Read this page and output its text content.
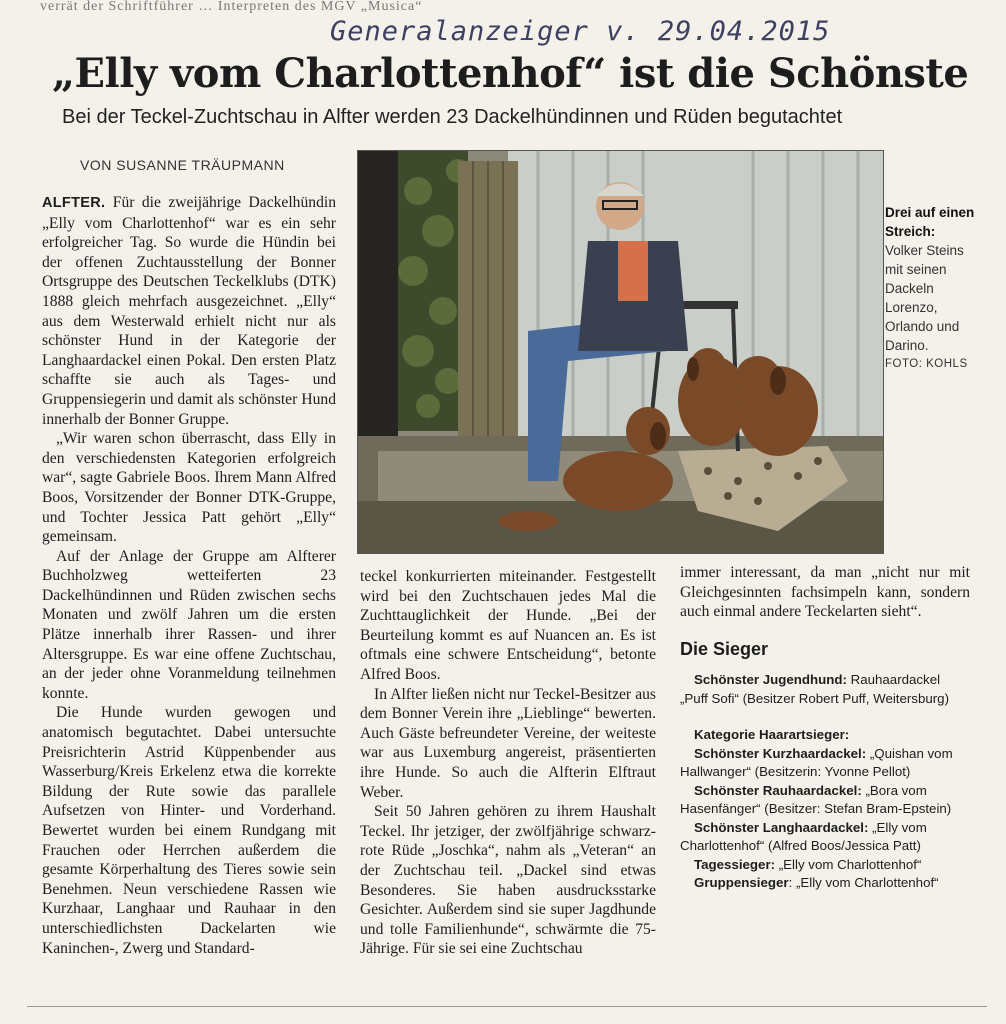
verrät der Schriftführer … Interpreten des MGV „Musica“
Generalanzeiger v. 29.04.2015
„Elly vom Charlottenhof“ ist die Schönste
Bei der Teckel-Zuchtschau in Alfter werden 23 Dackelhündinnen und Rüden begutachtet
VON SUSANNE TRÄUPMANN

ALFTER. Für die zweijährige Dackelhündin „Elly vom Charlottenhof“ war es ein sehr erfolgreicher Tag. So wurde die Hündin bei der offenen Zuchtausstellung der Bonner Ortsgruppe des Deutschen Teckelklubs (DTK) 1888 gleich mehrfach ausgezeichnet. „Elly“ aus dem Westerwald erhielt nicht nur als schönster Hund in der Kategorie der Langhaardackel einen Pokal. Den ersten Platz schaffte sie auch als Tages- und Gruppensiegerin und damit als schönster Hund innerhalb der Bonner Gruppe.

„Wir waren schon überrascht, dass Elly in den verschiedensten Kategorien erfolgreich war“, sagte Gabriele Boos. Ihrem Mann Alfred Boos, Vorsitzender der Bonner DTK-Gruppe, und Tochter Jessica Patt gehört „Elly“ gemeinsam.

Auf der Anlage der Gruppe am Alfterer Buchholzweg wetteiferten 23 Dackelhündinnen und Rüden zwischen sechs Monaten und zwölf Jahren um die ersten Plätze innerhalb ihrer Rassen- und ihrer Altersgruppe. Es war eine offene Zuchtschau, an der jeder ohne Voranmeldung teilnehmen konnte.

Die Hunde wurden gewogen und anatomisch begutachtet. Dabei untersuchte Preisrichterin Astrid Küppenbender aus Wasserburg/Kreis Erkelenz etwa die korrekte Bildung der Rute sowie das parallele Aufsetzen von Hinter- und Vorderhand. Bewertet wurden bei einem Rundgang mit Frauchen oder Herrchen außerdem die gesamte Körperhaltung des Tieres sowie sein Benehmen. Neun verschiedene Rassen wie Kurzhaar, Langhaar und Rauhaar in den unterschiedlichsten Dackelarten wie Kaninchen-, Zwerg und Standard-

Drei auf einen Streich: Volker Steins mit seinen Dackeln Lorenzo, Orlando und Darino.
FOTO: KOHLS

teckel konkurrierten miteinander. Festgestellt wird bei den Zuchtschauen jedes Mal die Zuchttauglichkeit der Hunde. „Bei der Beurteilung kommt es auf Nuancen an. Es ist oftmals eine schwere Entscheidung“, betonte Alfred Boos.

In Alfter ließen nicht nur Teckel-Besitzer aus dem Bonner Verein ihre „Lieblinge“ bewerten. Auch Gäste befreundeter Vereine, der weiteste war aus Luxemburg angereist, präsentierten ihre Hunde. So auch die Alfterin Elftraut Weber.

Seit 50 Jahren gehören zu ihrem Haushalt Teckel. Ihr jetziger, der zwölfjährige schwarz-rote Rüde „Joschka“, nahm als „Veteran“ an der Zuchtschau teil. „Dackel sind etwas Besonderes. Sie haben ausdrucksstarke Gesichter. Außerdem sind sie super Jagdhunde und tolle Familienhunde“, schwärmte die 75-Jährige. Für sie sei eine Zuchtschau

immer interessant, da man „nicht nur mit Gleichgesinnten fachsimpeln kann, sondern auch einmal andere Teckelarten sieht“.

Die Sieger

Schönster Jugendhund: Rauhaardackel „Puff Sofi“ (Besitzer Robert Puff, Weitersburg)

Kategorie Haarartsieger:

Schönster Kurzhaardackel: „Quishan vom Hallwanger“ (Besitzerin: Yvonne Pellot)

Schönster Rauhaardackel: „Bora vom Hasenfänger“ (Besitzer: Stefan Bram-Epstein)

Schönster Langhaardackel: „Elly vom Charlottenhof“ (Alfred Boos/Jessica Patt)

Tagessieger: „Elly vom Charlottenhof“

Gruppensieger: „Elly vom Charlottenhof“
